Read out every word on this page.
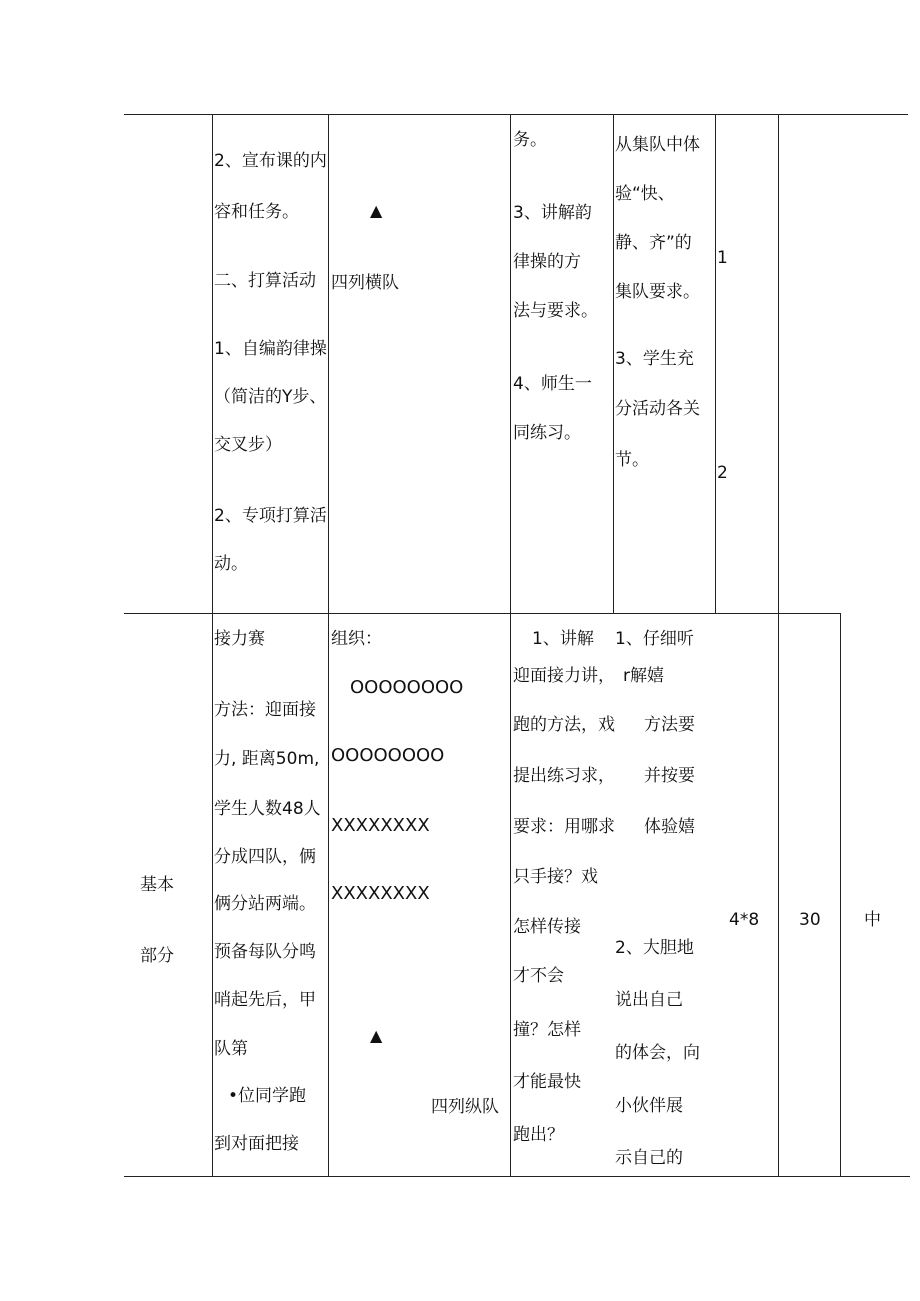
2、宣布课的内
容和任务。
二、打算活动
1、自编韵律操
（简洁的Y步、
交叉步）
2、专项打算活
动。
▲
四列横队
务。
3、讲解韵
律操的方
法与要求。
4、师生一
同练习。
从集队中体
验“快、
静、齐”的
集队要求。
3、学生充
分活动各关
节。
1
2
基本
部分
接力赛
方法：迎面接
力, 距离50m,
学生人数48人
分成四队，俩
俩分站两端。
预备每队分鸣
哨起先后，甲
队第
•位同学跑
到对面把接
组织：
OOOOOOOO
OOOOOOOO
XXXXXXXX
XXXXXXXX
▲
四列纵队
1、讲解
迎面接力讲，
跑的方法，戏
提出练习求，
要求：用哪求
只手接？戏
怎样传接
才不会
撞？怎样
才能最快
跑出？
1、仔细听
r解嬉
方法要
并按要
体验嬉
2、大胆地
说出自己
的体会，向
小伙伴展
示自己的
4*8 30	中
